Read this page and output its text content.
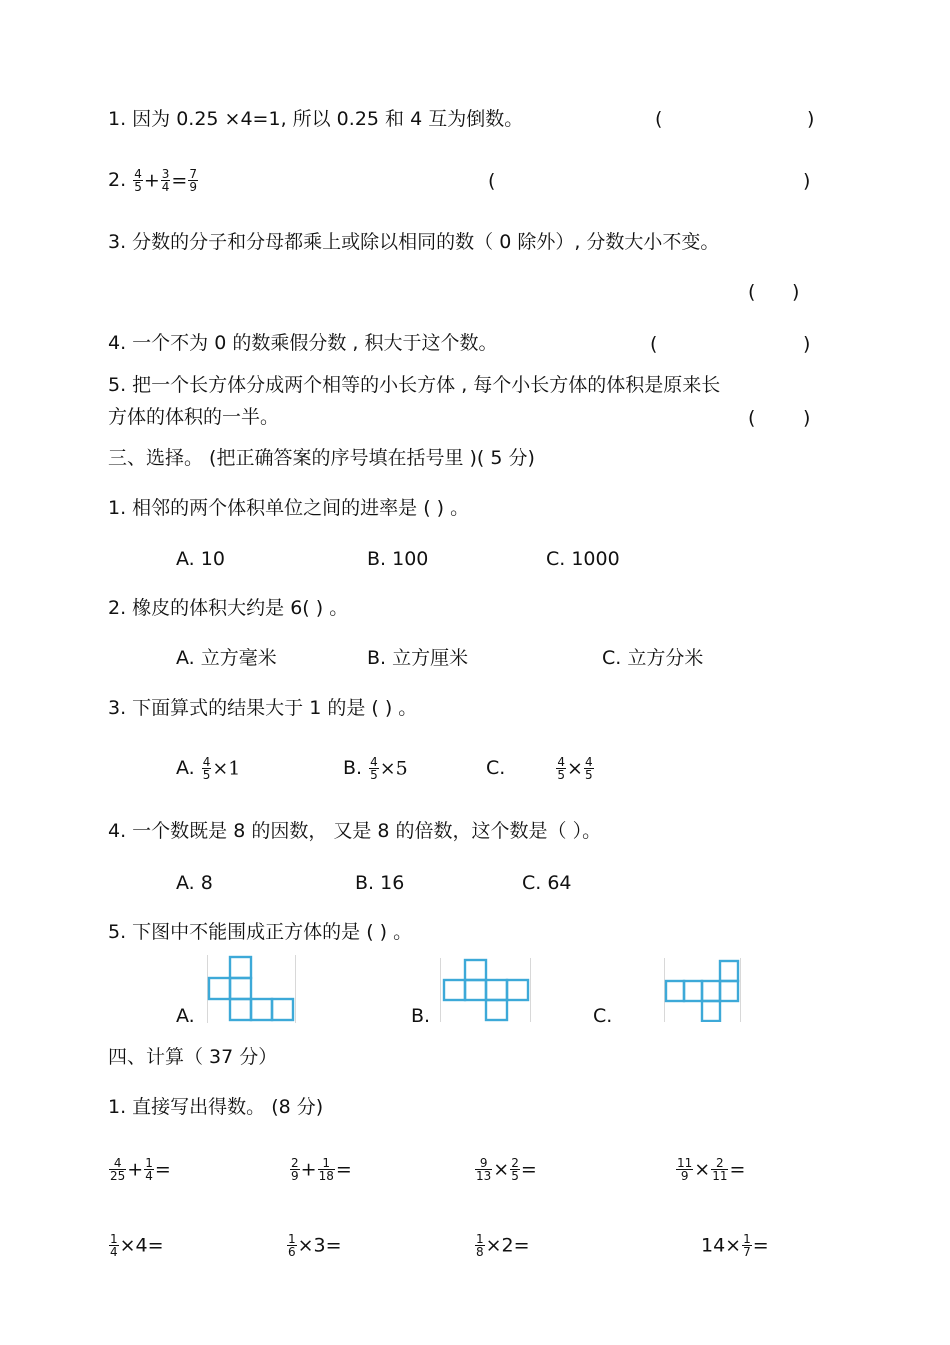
1. 因为 0.25 ×4=1, 所以 0.25 和 4 互为倒数。	(	)
2. $\frac{4}{5} + \frac{3}{4} = \frac{7}{9}$	(	)
3. 分数的分子和分母都乘上或除以相同的数（ 0 除外）, 分数大小不变。
( )
4. 一个不为 0 的数乘假分数 , 积大于这个数。	(	)
5. 把一个长方体分成两个相等的小长方体 , 每个小长方体的体积是原来长
方体的体积的一半。	(	)
三、选择。 (把正确答案的序号填在括号里 )( 5 分)
1. 相邻的两个体积单位之间的进率是 ( ) 。
A. 10	B. 100	C. 1000
2. 橡皮的体积大约是 6( ) 。
A. 立方毫米	B. 立方厘米	C. 立方分米
3. 下面算式的结果大于 1 的是 ( ) 。
A. $\frac{4}{5} \times 1$	B. $\frac{4}{5} \times 5$	C.	$\frac{4}{5} \times \frac{4}{5}$
4. 一个数既是 8 的因数， 又是 8 的倍数，这个数是（ ）。
A. 8	B. 16	C. 64
5. 下图中不能围成正方体的是 ( ) 。
A.	B.	C.
四、计算（ 37 分）
1. 直接写出得数。 (8 分)
$\frac{4}{25} + \frac{1}{4}$ =	$\frac{2}{9} + \frac{1}{18}$ =	$\frac{9}{13} \times \frac{2}{5}$ =	$\frac{11}{9} \times \frac{2}{11}$ =
$\frac{1}{4} \times 4=$	$\frac{1}{6} \times 3=$	$\frac{1}{8} \times 2=$	$14\times \frac{1}{7}$ =
